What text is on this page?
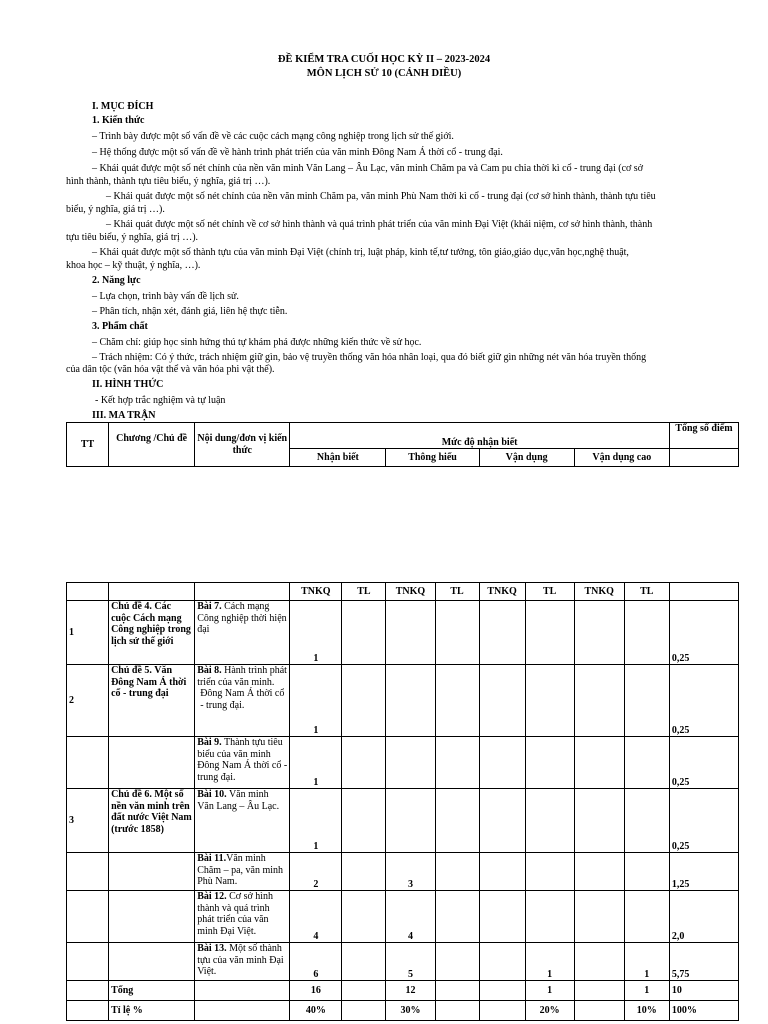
ĐỀ KIỂM TRA CUỐI HỌC KỲ II – 2023-2024
MÔN LỊCH SỬ 10 (CÁNH DIỀU)
I. MỤC ĐÍCH
1. Kiến thức
– Trình bày được một số vấn đề về các cuộc cách mạng công nghiệp trong lịch sử thế giới.
– Hệ thống được một số vấn đề về hành trình phát triển của văn minh Đông Nam Á thời cổ - trung đại.
– Khái quát được một số nét chính của nền văn minh Văn Lang – Âu Lạc, văn minh Chăm pa và Cam pu chia thời kì cổ - trung đại (cơ sở
hình thành, thành tựu tiêu biểu, ý nghĩa, giá trị …).
– Khái quát được một số nét chính của nền văn minh Chăm pa, văn minh Phù Nam thời kì cổ - trung đại (cơ sở hình thành, thành tựu tiêu
biểu, ý nghĩa, giá trị …).
– Khái quát được một số nét chính về cơ sở hình thành và quá trình phát triển của văn minh Đại Việt (khái niệm, cơ sở hình thành, thành
tựu tiêu biểu, ý nghĩa, giá trị …).
– Khái quát được một số thành tựu của văn minh Đại Việt (chính trị, luật pháp, kinh tế,tư tưởng, tôn giáo,giáo dục,văn học,nghệ thuật,
khoa học – kỹ thuật, ý nghĩa, …).
2. Năng lực
– Lựa chọn, trình bày vấn đề lịch sử.
– Phân tích, nhận xét, đánh giá, liên hệ thực tiễn.
3. Phẩm chất
– Chăm chỉ: giúp học sinh hứng thú tự khám phá được những kiến thức về sử học.
– Trách nhiệm: Có ý thức, trách nhiệm giữ gìn, bảo vệ truyền thống văn hóa nhân loại, qua đó biết giữ gìn những nét văn hóa truyền thống
của dân tộc (văn hóa vật thể và văn hóa phi vật thể).
II. HÌNH THỨC
- Kết hợp trắc nghiệm và tự luận
III. MA TRẬN
TT	Chương /Chủ đề	Nội dung/đơn vị kiến thức	Mức độ nhận biết				Tổng số điểm
			Nhận biết	Thông hiểu	Vận dụng	Vận dụng cao	
			TNKQ	TL	TNKQ	TL	TNKQ	TL	TNKQ	TL	
1	Chủ đề 4. Các cuộc Cách mạng Công nghiệp trong lịch sử thế giới	Bài 7. Cách mạng Công nghiệp thời hiện đại	1								0,25
2	Chủ đề 5. Văn Đông Nam Á thời cổ - trung đại	Bài 8. Hành trình phát triển của văn minh.
Đông Nam Á thời cổ - trung đại.	1								0,25
		Bài 9. Thành tựu tiêu biểu của văn minh Đông Nam Á thời cổ - trung đại.	1								0,25
3	Chủ đề 6. Một số nền văn minh trên đất nước Việt Nam (trước 1858)	Bài 10. Văn minh Văn Lang – Âu Lạc.	1								0,25
		Bài 11.Văn minh Chăm – pa, văn minh Phù Nam.	2		3						1,25
		Bài 12. Cơ sở hình thành và quá trình phát triển của văn minh Đại Việt.	4		4						2,0
		Bài 13. Một số thành tựu của văn minh Đại Việt.	6		5			1		1	5,75
	Tổng		16		12			1		1	10
	Tỉ lệ %		40%		30%			20%		10%	100%
